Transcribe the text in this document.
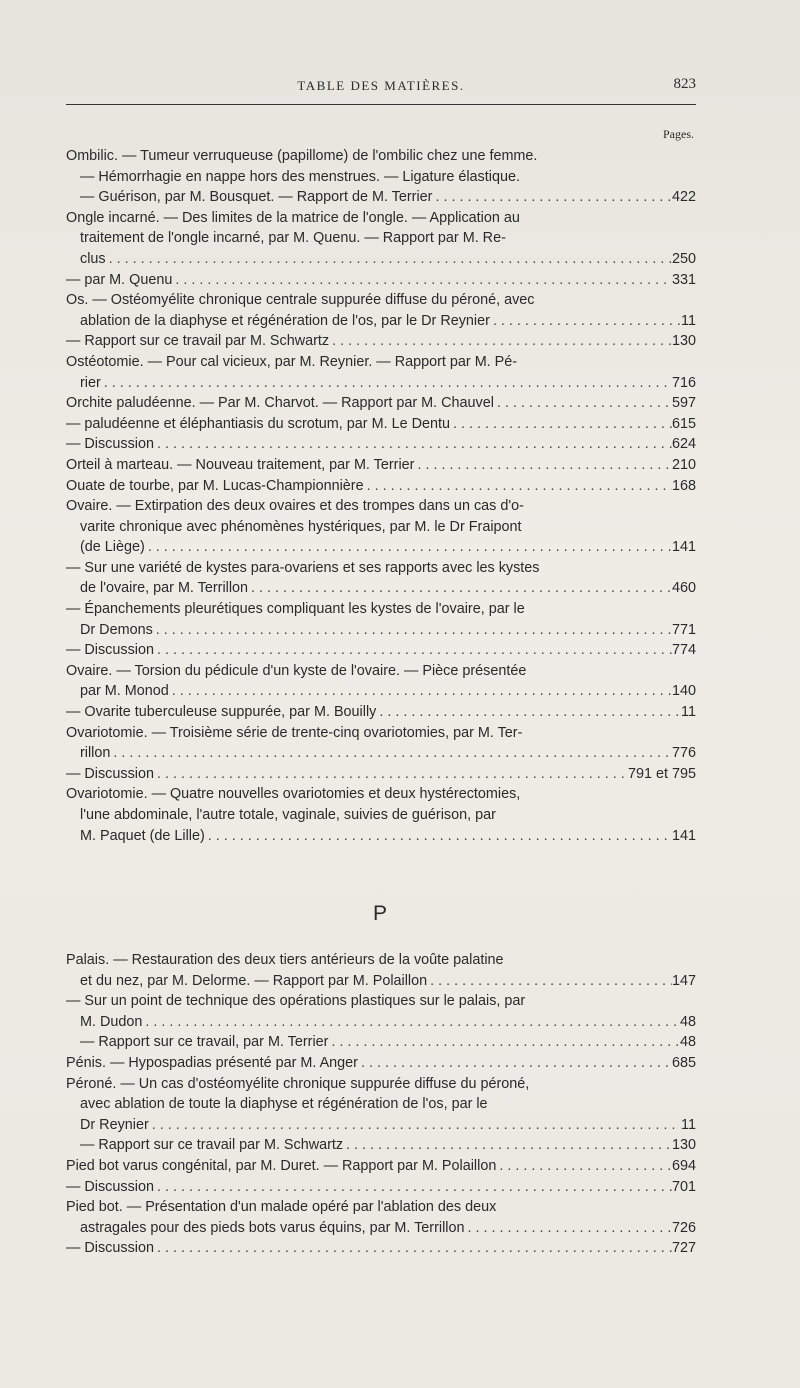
TABLE DES MATIÈRES.	823
Pages.
Ombilic. — Tumeur verruqueuse (papillome) de l'ombilic chez une femme.
— Hémorrhagie en nappe hors des menstrues. — Ligature élastique.
— Guérison, par M. Bousquet. — Rapport de M. Terrier . . .	422
Ongle incarné. — Des limites de la matrice de l'ongle. — Application au
traitement de l'ongle incarné, par M. Quenu. — Rapport par M. Re-
clus . . .	250
— par M. Quenu . . .	331
Os. — Ostéomyélite chronique centrale suppurée diffuse du péroné, avec
ablation de la diaphyse et régénération de l'os, par le Dr Reynier . . .	11
— Rapport sur ce travail par M. Schwartz . . .	130
Ostéotomie. — Pour cal vicieux, par M. Reynier. — Rapport par M. Pé-
rier . . .	716
Orchite paludéenne. — Par M. Charvot. — Rapport par M. Chauvel . . .	597
— paludéenne et éléphantiasis du scrotum, par M. Le Dentu . . .	615
— Discussion . . .	624
Orteil à marteau. — Nouveau traitement, par M. Terrier . . .	210
Ouate de tourbe, par M. Lucas-Championnière . . .	168
Ovaire. — Extirpation des deux ovaires et des trompes dans un cas d'o-
varite chronique avec phénomènes hystériques, par M. le Dr Fraipont
(de Liège) . . .	141
— Sur une variété de kystes para-ovariens et ses rapports avec les kystes
de l'ovaire, par M. Terrillon . . .	460
— Épanchements pleurétiques compliquant les kystes de l'ovaire, par le
Dr Demons . . .	771
— Discussion . . .	774
Ovaire. — Torsion du pédicule d'un kyste de l'ovaire. — Pièce présentée
par M. Monod . . .	140
— Ovarite tuberculeuse suppurée, par M. Bouilly . . .	11
Ovariotomie. — Troisième série de trente-cinq ovariotomies, par M. Ter-
rillon . . .	776
— Discussion . . .	791 et 795
Ovariotomie. — Quatre nouvelles ovariotomies et deux hystérectomies,
l'une abdominale, l'autre totale, vaginale, suivies de guérison, par
M. Paquet (de Lille) . . .	141
P
Palais. — Restauration des deux tiers antérieurs de la voûte palatine
et du nez, par M. Delorme. — Rapport par M. Polaillon . . .	147
— Sur un point de technique des opérations plastiques sur le palais, par
M. Dudon . . .	48
— Rapport sur ce travail, par M. Terrier . . .	48
Pénis. — Hypospadias présenté par M. Anger . . .	685
Péroné. — Un cas d'ostéomyélite chronique suppurée diffuse du péroné,
avec ablation de toute la diaphyse et régénération de l'os, par le
Dr Reynier . . .	11
— Rapport sur ce travail par M. Schwartz . . .	130
Pied bot varus congénital, par M. Duret. — Rapport par M. Polaillon . . .	694
— Discussion . . .	701
Pied bot. — Présentation d'un malade opéré par l'ablation des deux
astragales pour des pieds bots varus équins, par M. Terrillon . . .	726
— Discussion . . .	727
